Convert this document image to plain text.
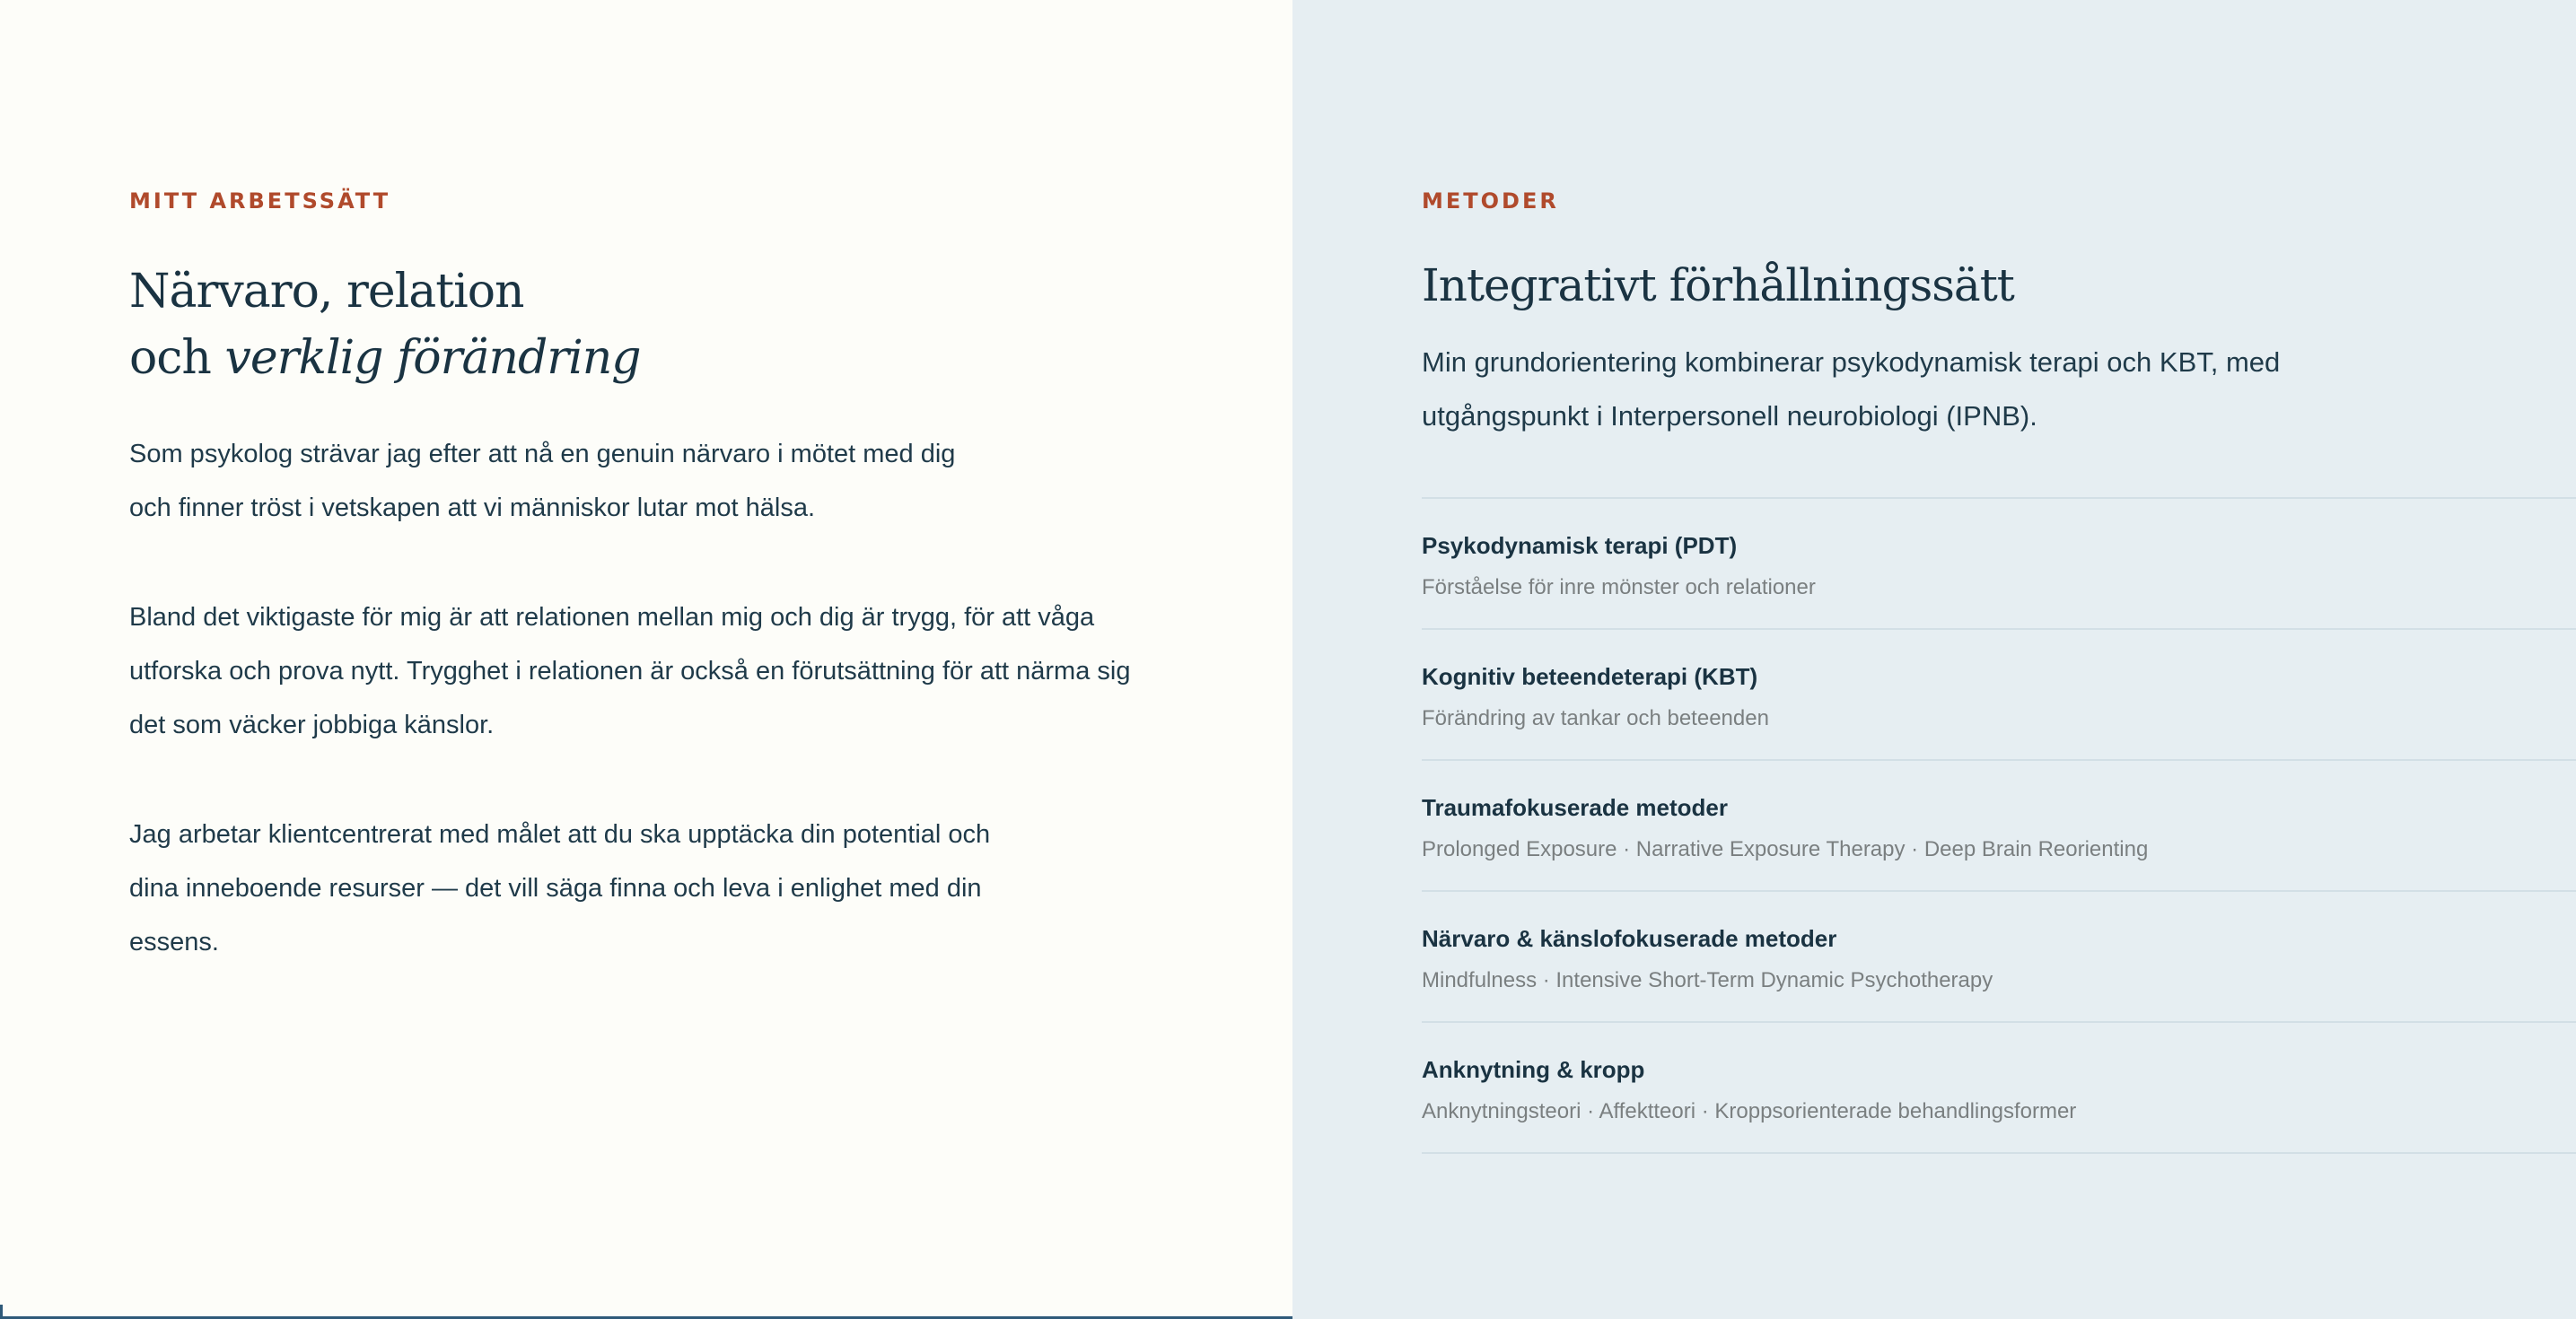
MITT ARBETSSÄTT

Närvaro, relation
och verklig förändring

Som psykolog strävar jag efter att nå en genuin närvaro i mötet med dig
och finner tröst i vetskapen att vi människor lutar mot hälsa.

Bland det viktigaste för mig är att relationen mellan mig och dig är trygg, för att våga
utforska och prova nytt. Trygghet i relationen är också en förutsättning för att närma sig
det som väcker jobbiga känslor.

Jag arbetar klientcentrerat med målet att du ska upptäcka din potential och
dina inneboende resurser — det vill säga finna och leva i enlighet med din
essens.

METODER

Integrativt förhållningssätt

Min grundorientering kombinerar psykodynamisk terapi och KBT, med
utgångspunkt i Interpersonell neurobiologi (IPNB).

Psykodynamisk terapi (PDT)

Förståelse för inre mönster och relationer

Kognitiv beteendeterapi (KBT)

Förändring av tankar och beteenden

Traumafokuserade metoder

Prolonged Exposure · Narrative Exposure Therapy · Deep Brain Reorienting

Närvaro & känslofokuserade metoder

Mindfulness · Intensive Short-Term Dynamic Psychotherapy

Anknytning & kropp

Anknytningsteori · Affektteori · Kroppsorienterade behandlingsformer
